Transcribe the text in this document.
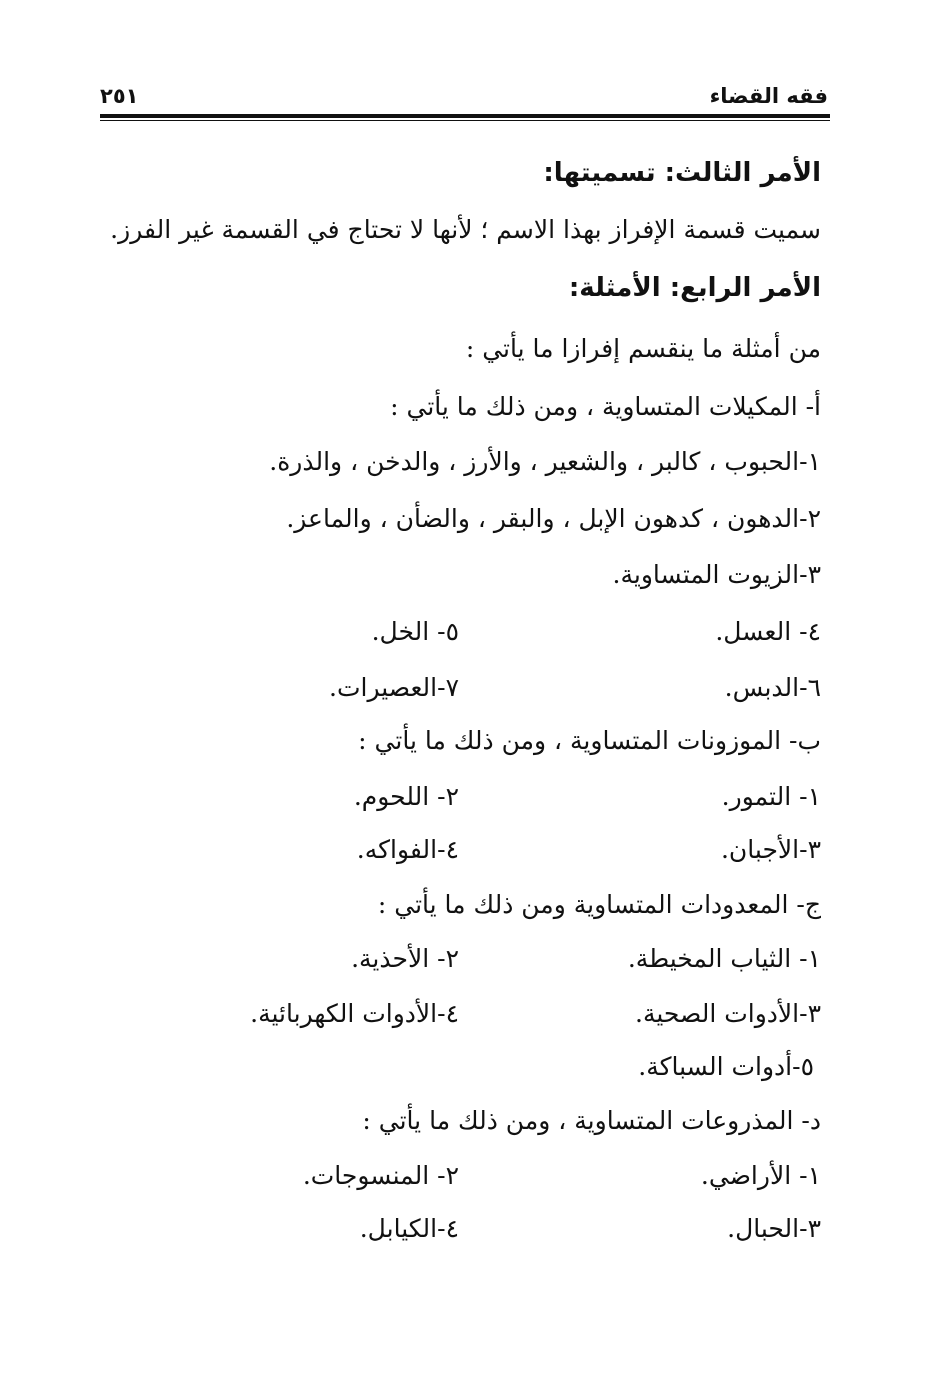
فقه القضاء
٢٥١
الأمر الثالث: تسميتها:
سميت قسمة الإفراز بهذا الاسم ؛ لأنها لا تحتاج في القسمة غير الفرز.
الأمر الرابع: الأمثلة:
من أمثلة ما ينقسم إفرازا ما يأتي :
أ- المكيلات المتساوية ، ومن ذلك ما يأتي :
١-الحبوب ، كالبر ، والشعير ، والأرز ، والدخن ، والذرة.
٢-الدهون ، كدهون الإبل ، والبقر ، والضأن ، والماعز.
٣-الزيوت المتساوية.
٤- العسل.
٥- الخل.
٦-الدبس.
٧-العصيرات.
ب- الموزونات المتساوية ، ومن ذلك ما يأتي :
١- التمور.
٢- اللحوم.
٣-الأجبان.
٤-الفواكه.
ج- المعدودات المتساوية ومن ذلك ما يأتي :
١- الثياب المخيطة.
٢- الأحذية.
٣-الأدوات الصحية.
٤-الأدوات الكهربائية.
٥-أدوات السباكة.
د- المذروعات المتساوية ، ومن ذلك ما يأتي :
١- الأراضي.
٢- المنسوجات.
٣-الحبال.
٤-الكيابل.
